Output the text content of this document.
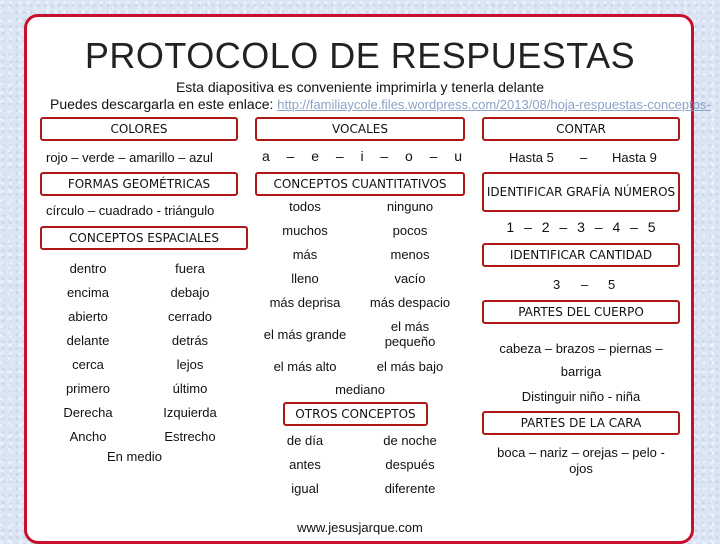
PROTOCOLO DE RESPUESTAS
Esta diapositiva es conveniente imprimirla y tenerla delante
Puedes descargarla en este enlace: http://familiaycole.files.wordpress.com/2013/08/hoja-respuestas-conceptos-
COLORES
rojo – verde – amarillo – azul
FORMAS GEOMÉTRICAS
círculo – cuadrado - triángulo
CONCEPTOS ESPACIALES
dentro	fuera
encima	debajo
abierto	cerrado
delante	detrás
cerca	lejos
primero	último
Derecha	Izquierda
Ancho	Estrecho
En medio
VOCALES
a – e – i – o – u
CONCEPTOS CUANTITATIVOS
todos	ninguno
muchos	pocos
más	menos
lleno	vacío
más deprisa	más despacio
el más grande	el más
pequeño
el más alto	el más bajo
mediano
OTROS CONCEPTOS
de día	de noche
antes	después
igual	diferente
CONTAR
Hasta 5 – Hasta 9
IDENTIFICAR GRAFÍA NÚMEROS
1 – 2 – 3 – 4 – 5
IDENTIFICAR CANTIDAD
3 – 5
PARTES DEL CUERPO
cabeza – brazos – piernas –
barriga
Distinguir niño - niña
PARTES DE LA CARA
boca – nariz – orejas – pelo - ojos
www.jesusjarque.com
